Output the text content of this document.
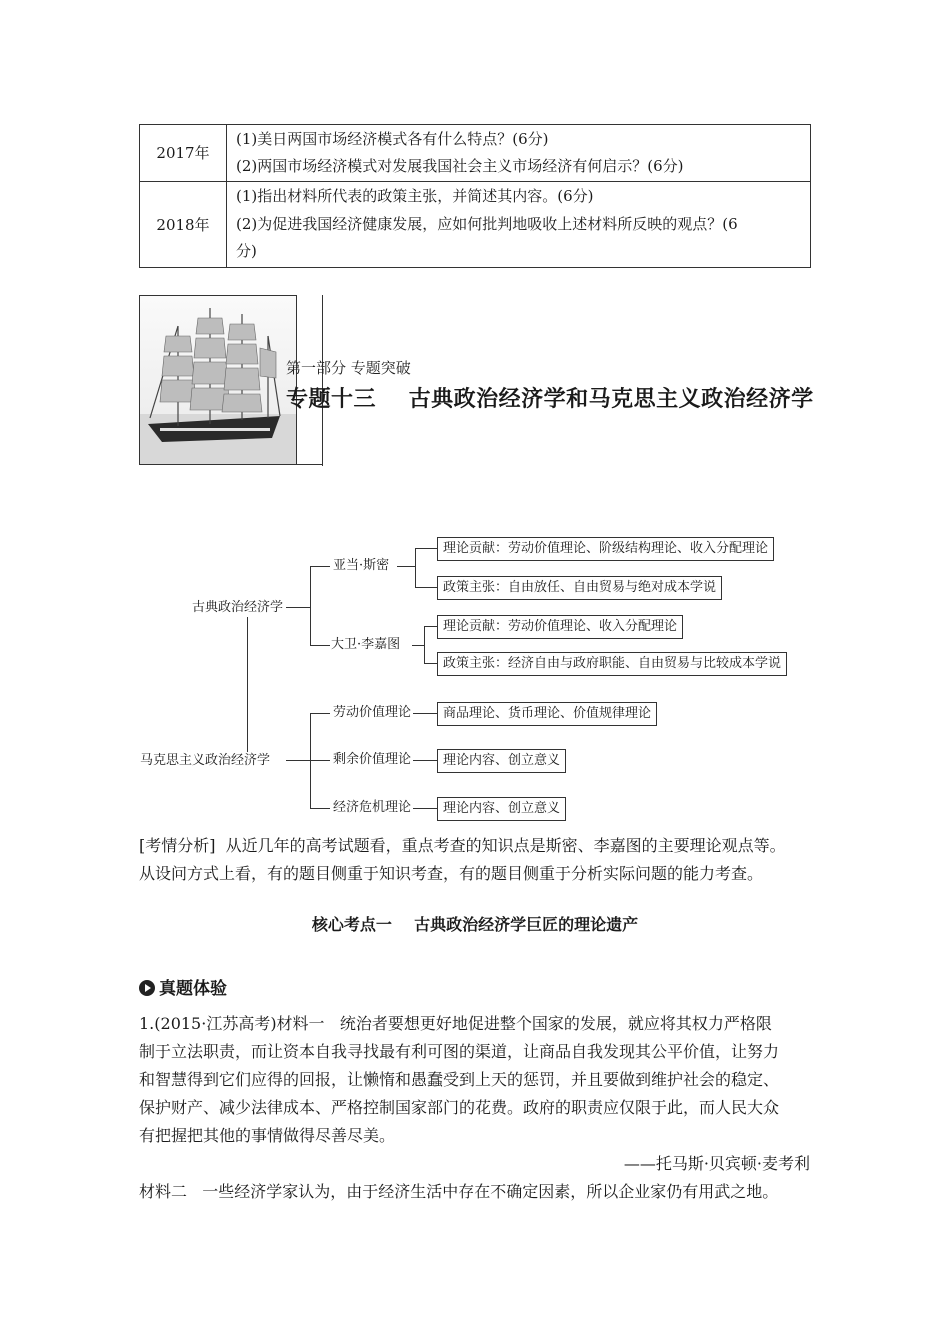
2017年	(1)美日两国市场经济模式各有什么特点？(6分)
(2)两国市场经济模式对发展我国社会主义市场经济有何启示？(6分)

2018年	(1)指出材料所代表的政策主张，并简述其内容。(6分)
(2)为促进我国经济健康发展，应如何批判地吸收上述材料所反映的观点？(6
分)
第一部分 专题突破
专题十三    古典政治经济学和马克思主义政治经济学
古典政治经济学
亚当·斯密
理论贡献：劳动价值理论、阶级结构理论、收入分配理论
政策主张：自由放任、自由贸易与绝对成本学说
大卫·李嘉图
理论贡献：劳动价值理论、收入分配理论
政策主张：经济自由与政府职能、自由贸易与比较成本学说
马克思主义政治经济学
劳动价值理论	商品理论、货币理论、价值规律理论
剩余价值理论	理论内容、创立意义
经济危机理论	理论内容、创立意义
[考情分析]  从近几年的高考试题看，重点考查的知识点是斯密、李嘉图的主要理论观点等。
从设问方式上看，有的题目侧重于知识考查，有的题目侧重于分析实际问题的能力考查。
核心考点一    古典政治经济学巨匠的理论遗产
真题体验
1.(2015·江苏高考)材料一   统治者要想更好地促进整个国家的发展，就应将其权力严格限
制于立法职责，而让资本自我寻找最有利可图的渠道，让商品自我发现其公平价值，让努力
和智慧得到它们应得的回报，让懒惰和愚蠢受到上天的惩罚，并且要做到维护社会的稳定、
保护财产、减少法律成本、严格控制国家部门的花费。政府的职责应仅限于此，而人民大众
有把握把其他的事情做得尽善尽美。
——托马斯·贝宾顿·麦考利
材料二   一些经济学家认为，由于经济生活中存在不确定因素，所以企业家仍有用武之地。
